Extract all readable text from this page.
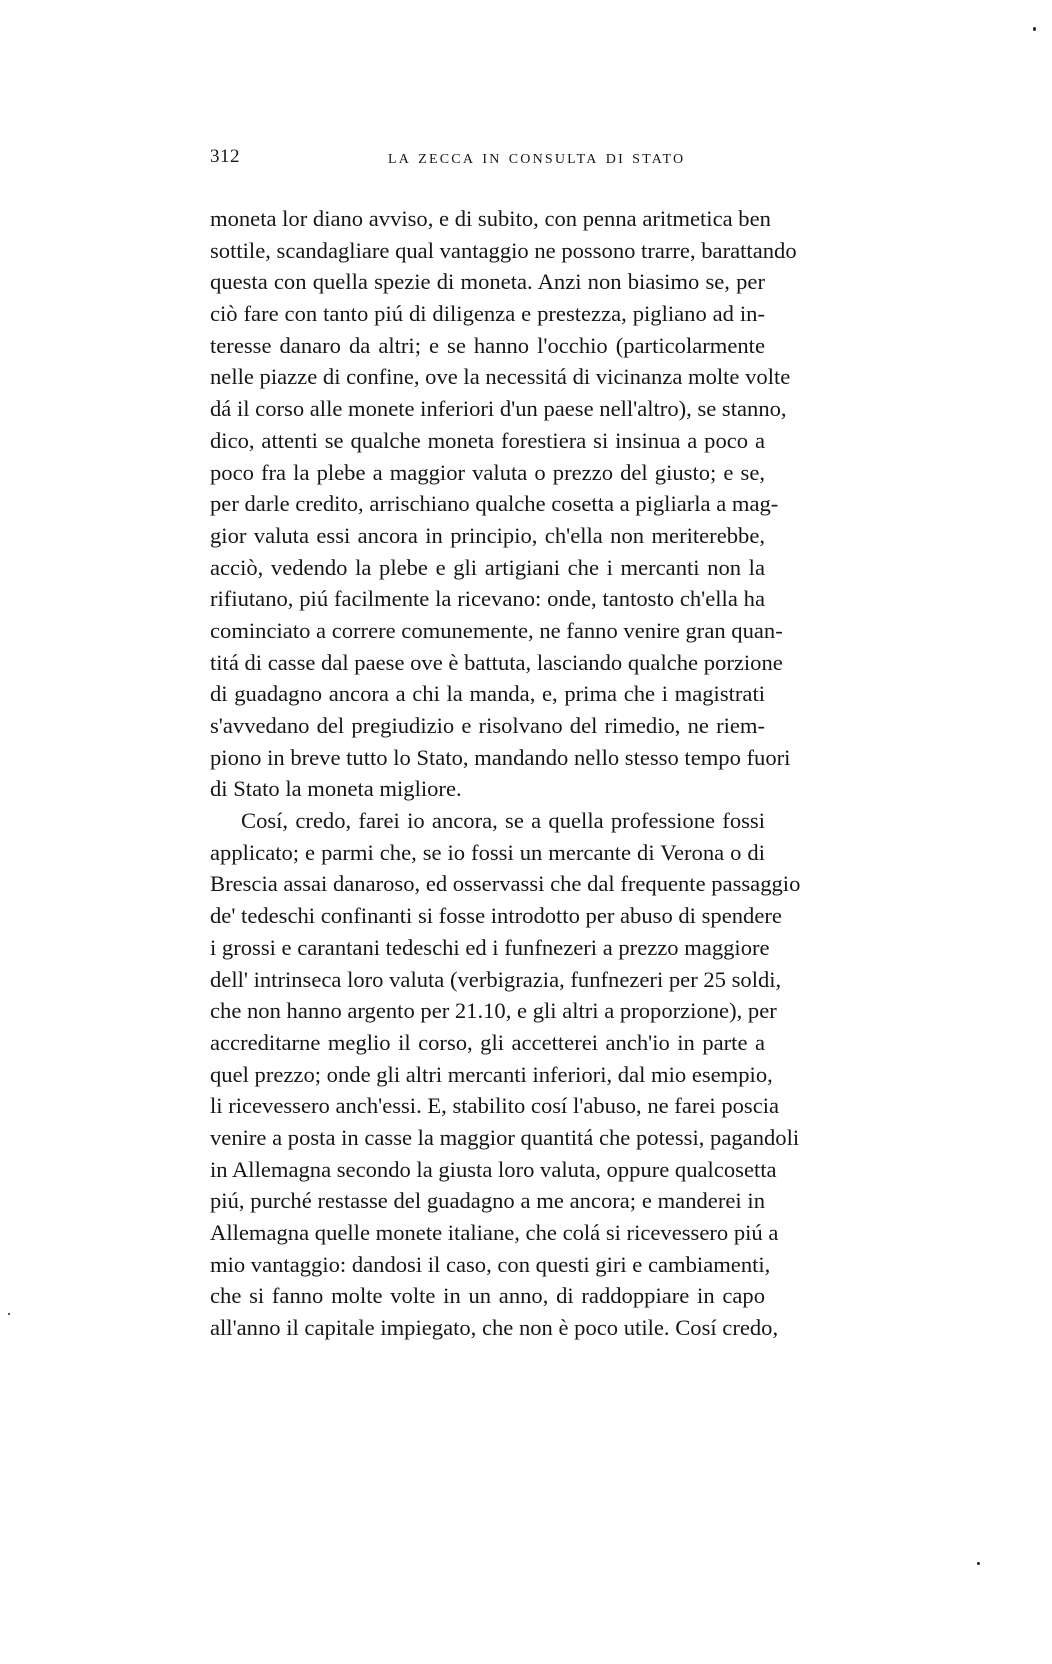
312	la zecca in consulta di stato
moneta lor diano avviso, e di subito, con penna aritmetica ben
sottile, scandagliare qual vantaggio ne possono trarre, barattando
questa con quella spezie di moneta. Anzi non biasimo se, per
ciò fare con tanto piú di diligenza e prestezza, pigliano ad in-
teresse danaro da altri; e se hanno l'occhio (particolarmente
nelle piazze di confine, ove la necessitá di vicinanza molte volte
dá il corso alle monete inferiori d'un paese nell'altro), se stanno,
dico, attenti se qualche moneta forestiera si insinua a poco a
poco fra la plebe a maggior valuta o prezzo del giusto; e se,
per darle credito, arrischiano qualche cosetta a pigliarla a mag-
gior valuta essi ancora in principio, ch'ella non meriterebbe,
acciò, vedendo la plebe e gli artigiani che i mercanti non la
rifiutano, piú facilmente la ricevano: onde, tantosto ch'ella ha
cominciato a correre comunemente, ne fanno venire gran quan-
titá di casse dal paese ove è battuta, lasciando qualche porzione
di guadagno ancora a chi la manda, e, prima che i magistrati
s'avvedano del pregiudizio e risolvano del rimedio, ne riem-
piono in breve tutto lo Stato, mandando nello stesso tempo fuori
di Stato la moneta migliore.
Cosí, credo, farei io ancora, se a quella professione fossi
applicato; e parmi che, se io fossi un mercante di Verona o di
Brescia assai danaroso, ed osservassi che dal frequente passaggio
de' tedeschi confinanti si fosse introdotto per abuso di spendere
i grossi e carantani tedeschi ed i funfnezeri a prezzo maggiore
dell' intrinseca loro valuta (verbigrazia, funfnezeri per 25 soldi,
che non hanno argento per 21.10, e gli altri a proporzione), per
accreditarne meglio il corso, gli accetterei anch'io in parte a
quel prezzo; onde gli altri mercanti inferiori, dal mio esempio,
li ricevessero anch'essi. E, stabilito cosí l'abuso, ne farei poscia
venire a posta in casse la maggior quantitá che potessi, pagandoli
in Allemagna secondo la giusta loro valuta, oppure qualcosetta
piú, purché restasse del guadagno a me ancora; e manderei in
Allemagna quelle monete italiane, che colá si ricevessero piú a
mio vantaggio: dandosi il caso, con questi giri e cambiamenti,
che si fanno molte volte in un anno, di raddoppiare in capo
all'anno il capitale impiegato, che non è poco utile. Cosí credo,
